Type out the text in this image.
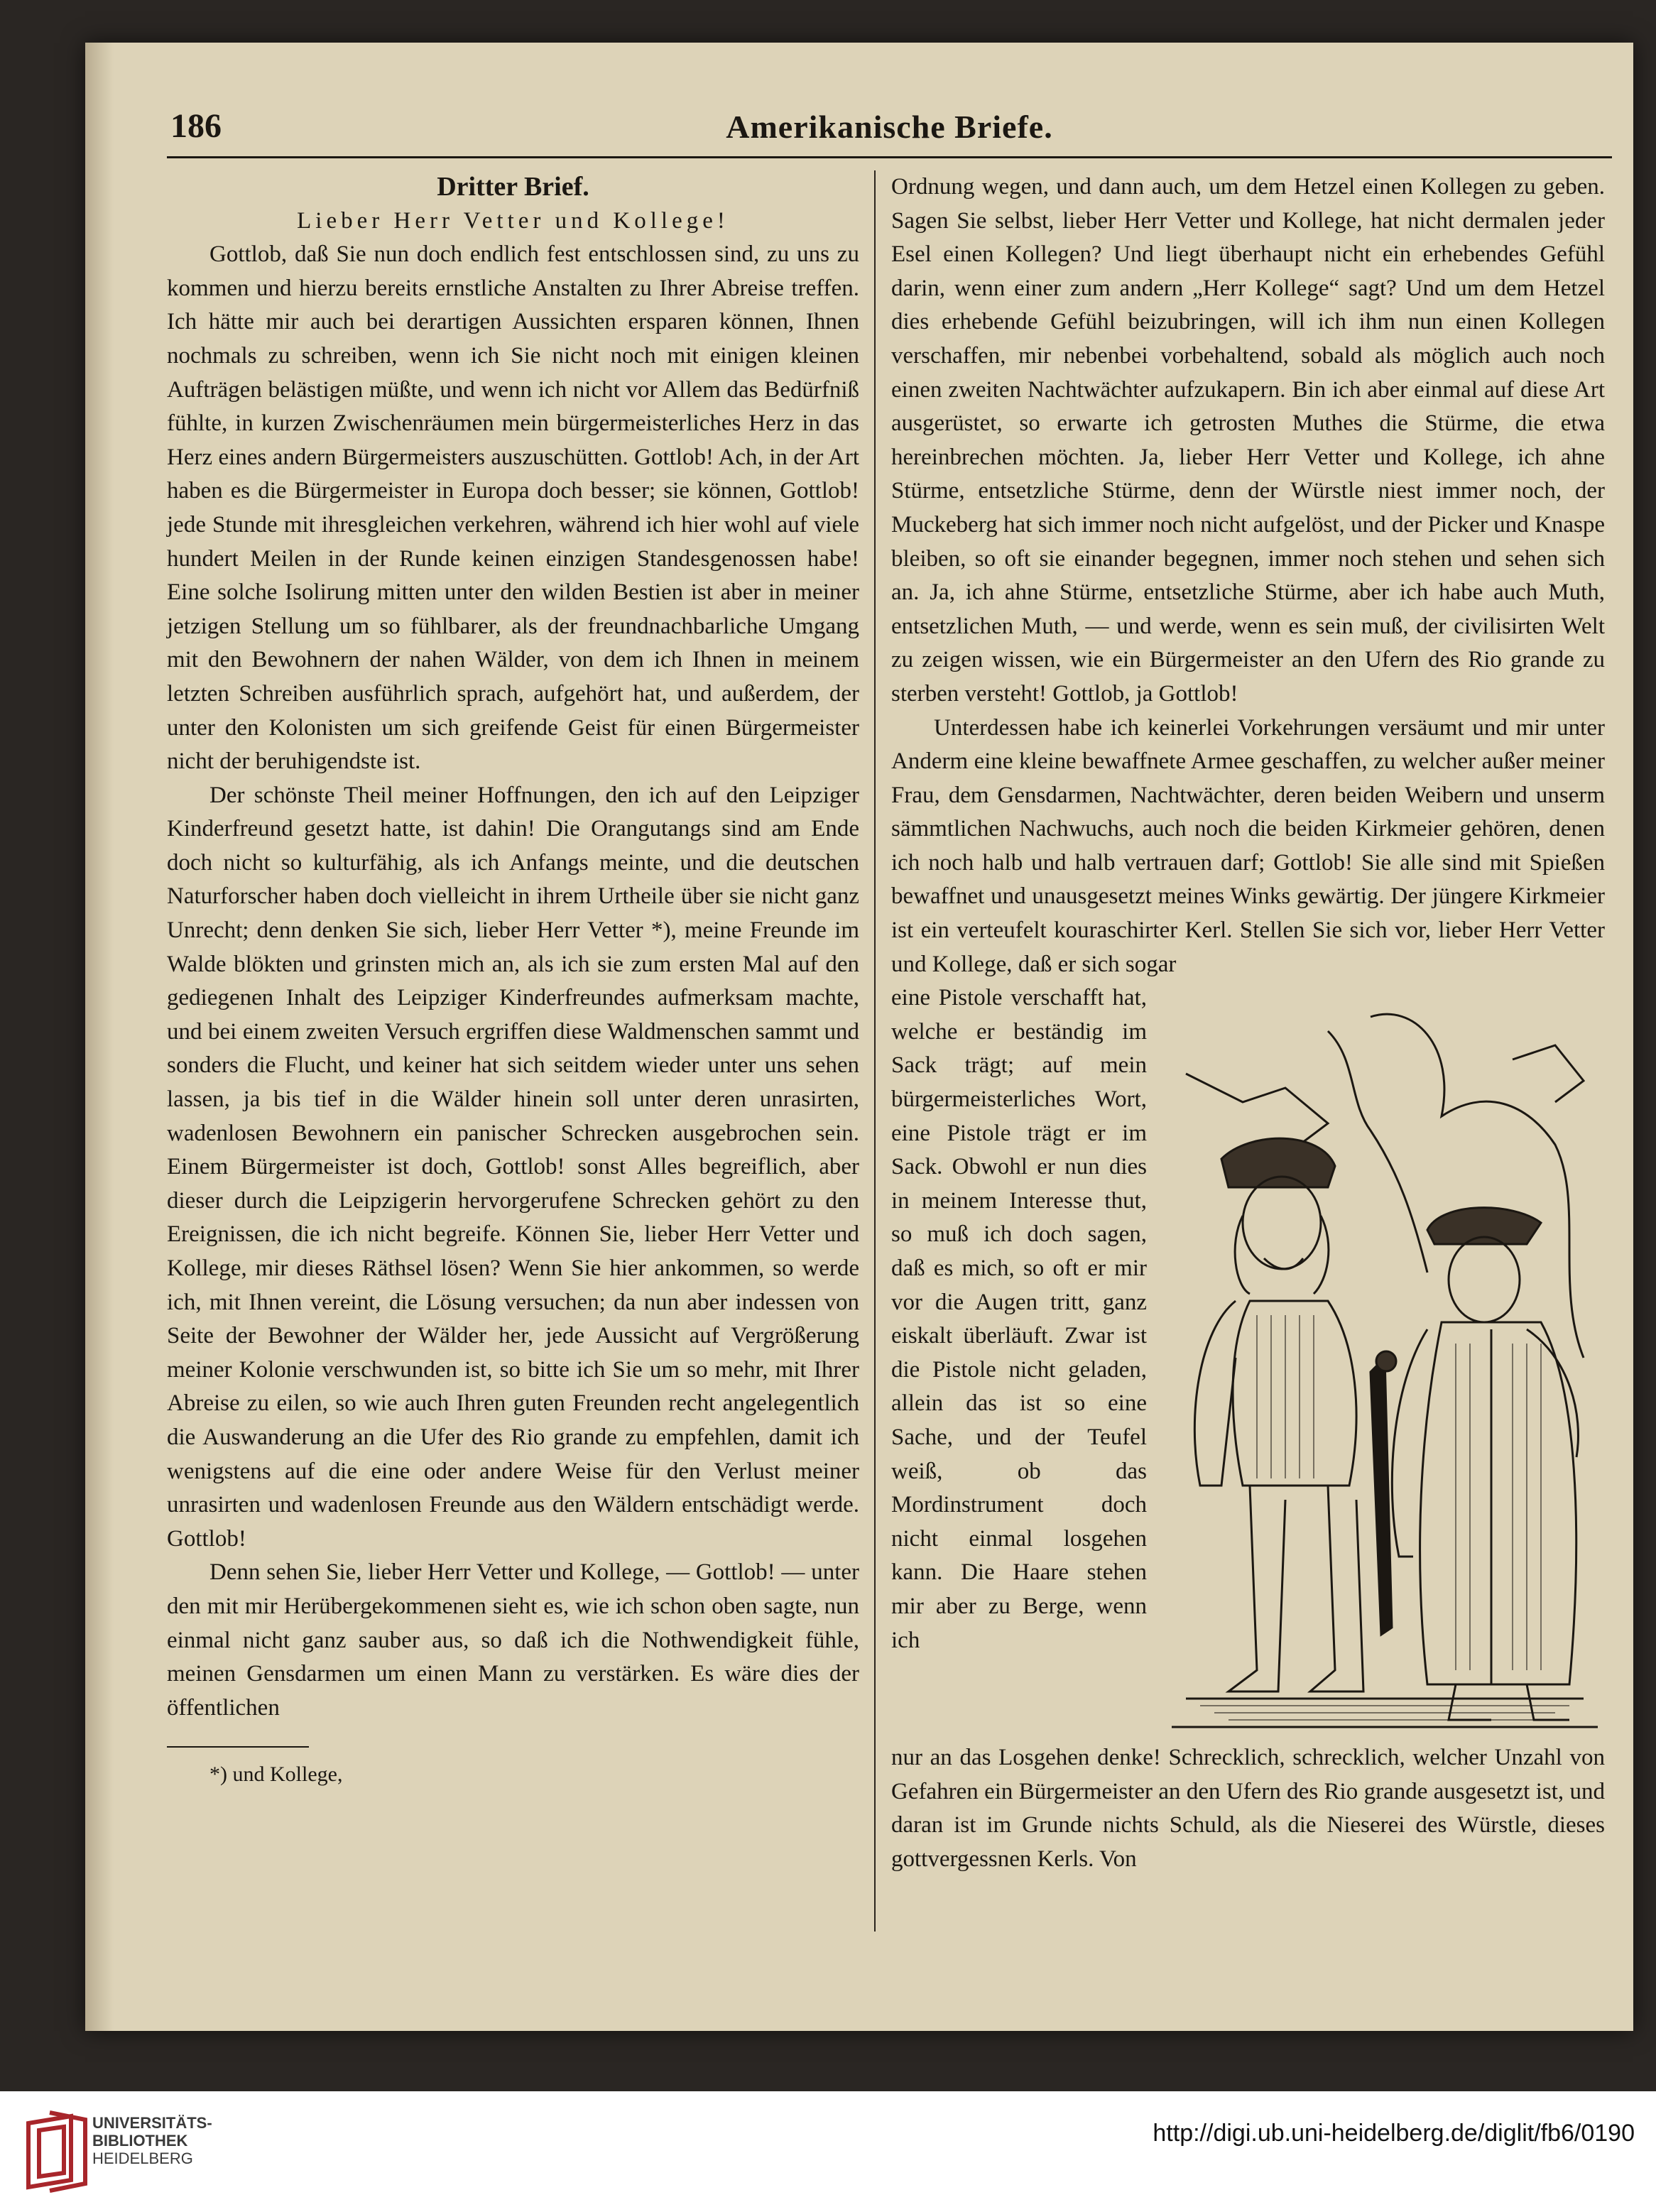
186	Amerikanische Briefe.

Dritter Brief.

Lieber Herr Vetter und Kollege!

Gottlob, daß Sie nun doch endlich fest entschlossen sind, zu uns zu kommen und hierzu bereits ernstliche Anstalten zu Ihrer Abreise treffen. Ich hätte mir auch bei derartigen Aussichten ersparen können, Ihnen nochmals zu schreiben, wenn ich Sie nicht noch mit einigen kleinen Aufträgen belästigen müßte, und wenn ich nicht vor Allem das Bedürfniß fühlte, in kurzen Zwischenräumen mein bürgermeisterliches Herz in das Herz eines andern Bürgermeisters auszuschütten. Gottlob! Ach, in der Art haben es die Bürgermeister in Europa doch besser; sie können, Gottlob! jede Stunde mit ihresgleichen verkehren, während ich hier wohl auf viele hundert Meilen in der Runde keinen einzigen Standesgenossen habe! Eine solche Isolirung mitten unter den wilden Bestien ist aber in meiner jetzigen Stellung um so fühlbarer, als der freundnachbarliche Umgang mit den Bewohnern der nahen Wälder, von dem ich Ihnen in meinem letzten Schreiben ausführlich sprach, aufgehört hat, und außerdem, der unter den Kolonisten um sich greifende Geist für einen Bürgermeister nicht der beruhigendste ist.

Der schönste Theil meiner Hoffnungen, den ich auf den Leipziger Kinderfreund gesetzt hatte, ist dahin! Die Orangutangs sind am Ende doch nicht so kulturfähig, als ich Anfangs meinte, und die deutschen Naturforscher haben doch vielleicht in ihrem Urtheile über sie nicht ganz Unrecht; denn denken Sie sich, lieber Herr Vetter *), meine Freunde im Walde blökten und grinsten mich an, als ich sie zum ersten Mal auf den gediegenen Inhalt des Leipziger Kinderfreundes aufmerksam machte, und bei einem zweiten Versuch ergriffen diese Waldmenschen sammt und sonders die Flucht, und keiner hat sich seitdem wieder unter uns sehen lassen, ja bis tief in die Wälder hinein soll unter deren unrasirten, wadenlosen Bewohnern ein panischer Schrecken ausgebrochen sein. Einem Bürgermeister ist doch, Gottlob! sonst Alles begreiflich, aber dieser durch die Leipzigerin hervorgerufene Schrecken gehört zu den Ereignissen, die ich nicht begreife. Können Sie, lieber Herr Vetter und Kollege, mir dieses Räthsel lösen? Wenn Sie hier ankommen, so werde ich, mit Ihnen vereint, die Lösung versuchen; da nun aber indessen von Seite der Bewohner der Wälder her, jede Aussicht auf Vergrößerung meiner Kolonie verschwunden ist, so bitte ich Sie um so mehr, mit Ihrer Abreise zu eilen, so wie auch Ihren guten Freunden recht angelegentlich die Auswanderung an die Ufer des Rio grande zu empfehlen, damit ich wenigstens auf die eine oder andere Weise für den Verlust meiner unrasirten und wadenlosen Freunde aus den Wäldern entschädigt werde. Gottlob!

Denn sehen Sie, lieber Herr Vetter und Kollege, — Gottlob! — unter den mit mir Herübergekommenen sieht es, wie ich schon oben sagte, nun einmal nicht ganz sauber aus, so daß ich die Nothwendigkeit fühle, meinen Gensdarmen um einen Mann zu verstärken. Es wäre dies der öffentlichen

*) und Kollege,

Ordnung wegen, und dann auch, um dem Hetzel einen Kollegen zu geben. Sagen Sie selbst, lieber Herr Vetter und Kollege, hat nicht dermalen jeder Esel einen Kollegen? Und liegt überhaupt nicht ein erhebendes Gefühl darin, wenn einer zum andern „Herr Kollege“ sagt? Und um dem Hetzel dies erhebende Gefühl beizubringen, will ich ihm nun einen Kollegen verschaffen, mir nebenbei vorbehaltend, sobald als möglich auch noch einen zweiten Nachtwächter aufzukapern. Bin ich aber einmal auf diese Art ausgerüstet, so erwarte ich getrosten Muthes die Stürme, die etwa hereinbrechen möchten. Ja, lieber Herr Vetter und Kollege, ich ahne Stürme, entsetzliche Stürme, denn der Würstle niest immer noch, der Muckeberg hat sich immer noch nicht aufgelöst, und der Picker und Knaspe bleiben, so oft sie einander begegnen, immer noch stehen und sehen sich an. Ja, ich ahne Stürme, entsetzliche Stürme, aber ich habe auch Muth, entsetzlichen Muth, — und werde, wenn es sein muß, der civilisirten Welt zu zeigen wissen, wie ein Bürgermeister an den Ufern des Rio grande zu sterben versteht! Gottlob, ja Gottlob!

Unterdessen habe ich keinerlei Vorkehrungen versäumt und mir unter Anderm eine kleine bewaffnete Armee geschaffen, zu welcher außer meiner Frau, dem Gensdarmen, Nachtwächter, deren beiden Weibern und unserm sämmtlichen Nachwuchs, auch noch die beiden Kirkmeier gehören, denen ich noch halb und halb vertrauen darf; Gottlob! Sie alle sind mit Spießen bewaffnet und unausgesetzt meines Winks gewärtig. Der jüngere Kirkmeier ist ein verteufelt kouraschirter Kerl. Stellen Sie sich vor, lieber Herr Vetter und Kollege, daß er sich sogar

eine Pistole verschafft hat, welche er beständig im Sack trägt; auf mein bürgermeisterliches Wort, eine Pistole trägt er im Sack. Obwohl er nun dies in meinem Interesse thut, so muß ich doch sagen, daß es mich, so oft er mir vor die Augen tritt, ganz eiskalt überläuft. Zwar ist die Pistole nicht geladen, allein das ist so eine Sache, und der Teufel weiß, ob das Mordinstrument doch nicht einmal losgehen kann. Die Haare stehen mir aber zu Berge, wenn ich

nur an das Losgehen denke! Schrecklich, schrecklich, welcher Unzahl von Gefahren ein Bürgermeister an den Ufern des Rio grande ausgesetzt ist, und daran ist im Grunde nichts Schuld, als die Nieserei des Würstle, dieses gottvergessnen Kerls. Von

UNIVERSITÄTS-
BIBLIOTHEK
HEIDELBERG
http://digi.ub.uni-heidelberg.de/diglit/fb6/0190
